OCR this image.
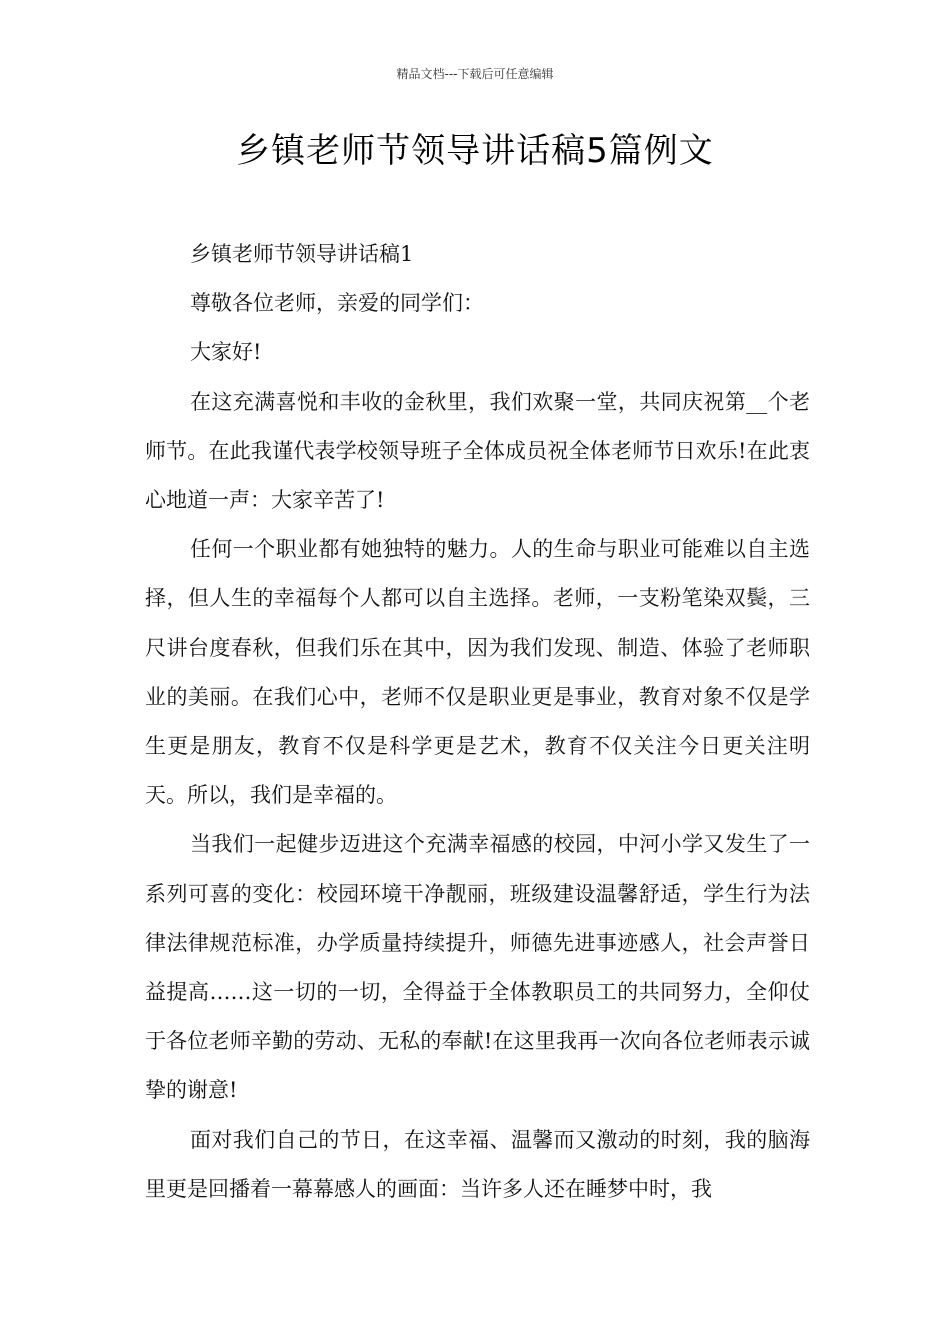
精品文档---下载后可任意编辑
乡镇老师节领导讲话稿5篇例文

乡镇老师节领导讲话稿1

尊敬各位老师，亲爱的同学们：

大家好!

在这充满喜悦和丰收的金秋里，我们欢聚一堂，共同庆祝第__个老师节。在此我谨代表学校领导班子全体成员祝全体老师节日欢乐!在此衷心地道一声：大家辛苦了!

任何一个职业都有她独特的魅力。人的生命与职业可能难以自主选择，但人生的幸福每个人都可以自主选择。老师，一支粉笔染双鬓，三尺讲台度春秋，但我们乐在其中，因为我们发现、制造、体验了老师职业的美丽。在我们心中，老师不仅是职业更是事业，教育对象不仅是学生更是朋友，教育不仅是科学更是艺术，教育不仅关注今日更关注明天。所以，我们是幸福的。

当我们一起健步迈进这个充满幸福感的校园，中河小学又发生了一系列可喜的变化：校园环境干净靓丽，班级建设温馨舒适，学生行为法律法律规范标准，办学质量持续提升，师德先进事迹感人，社会声誉日益提高……这一切的一切，全得益于全体教职员工的共同努力，全仰仗于各位老师辛勤的劳动、无私的奉献!在这里我再一次向各位老师表示诚挚的谢意!

面对我们自己的节日，在这幸福、温馨而又激动的时刻，我的脑海里更是回播着一幕幕感人的画面：当许多人还在睡梦中时，我
